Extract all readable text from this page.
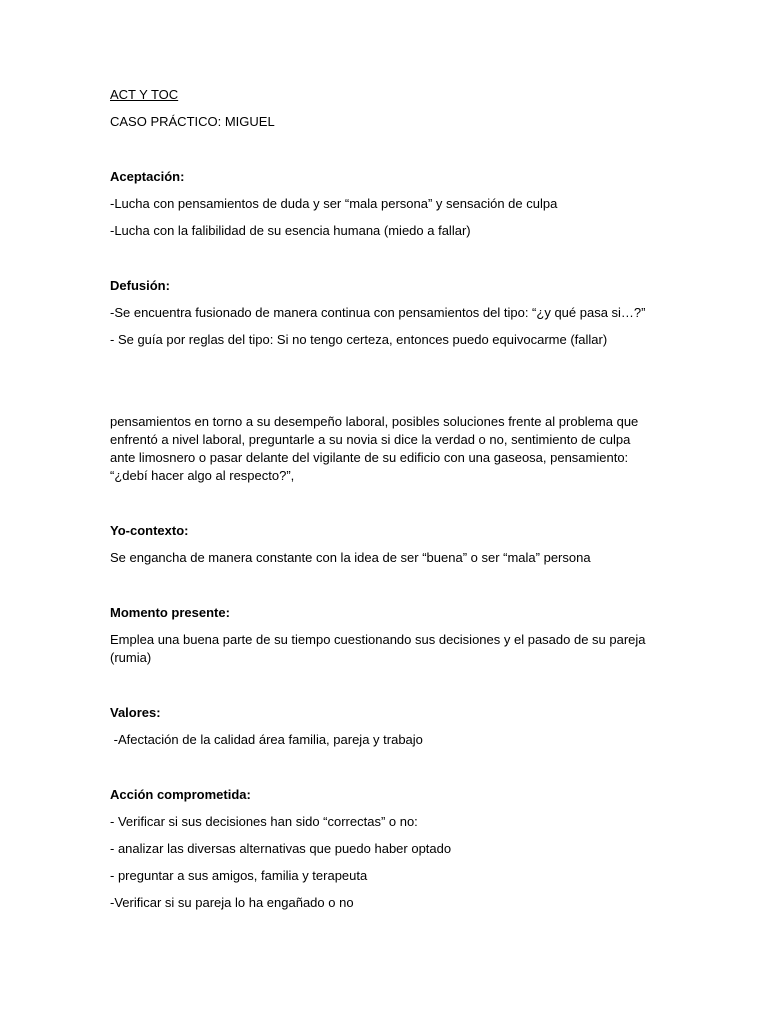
ACT Y TOC

CASO PRÁCTICO: MIGUEL

Aceptación:

-Lucha con pensamientos de duda y ser “mala persona” y sensación de culpa

-Lucha con la falibilidad de su esencia humana (miedo a fallar)

Defusión:

-Se encuentra fusionado de manera continua con pensamientos del tipo: “¿y qué pasa si…?”

- Se guía por reglas del tipo: Si no tengo certeza, entonces puedo equivocarme (fallar)

pensamientos en torno a su desempeño laboral, posibles soluciones frente al problema que enfrentó a nivel laboral, preguntarle a su novia si dice la verdad o no, sentimiento de culpa ante limosnero o pasar delante del vigilante de su edificio con una gaseosa, pensamiento: “¿debí hacer algo al respecto?”,

Yo-contexto:

Se engancha de manera constante con la idea de ser “buena” o ser “mala” persona

Momento presente:

Emplea una buena parte de su tiempo cuestionando sus decisiones y el pasado de su pareja (rumia)

Valores:

-Afectación de la calidad área familia, pareja y trabajo

Acción comprometida:

- Verificar si sus decisiones han sido “correctas” o no:

- analizar las diversas alternativas que puedo haber optado

- preguntar a sus amigos, familia y terapeuta

-Verificar si su pareja lo ha engañado o no
